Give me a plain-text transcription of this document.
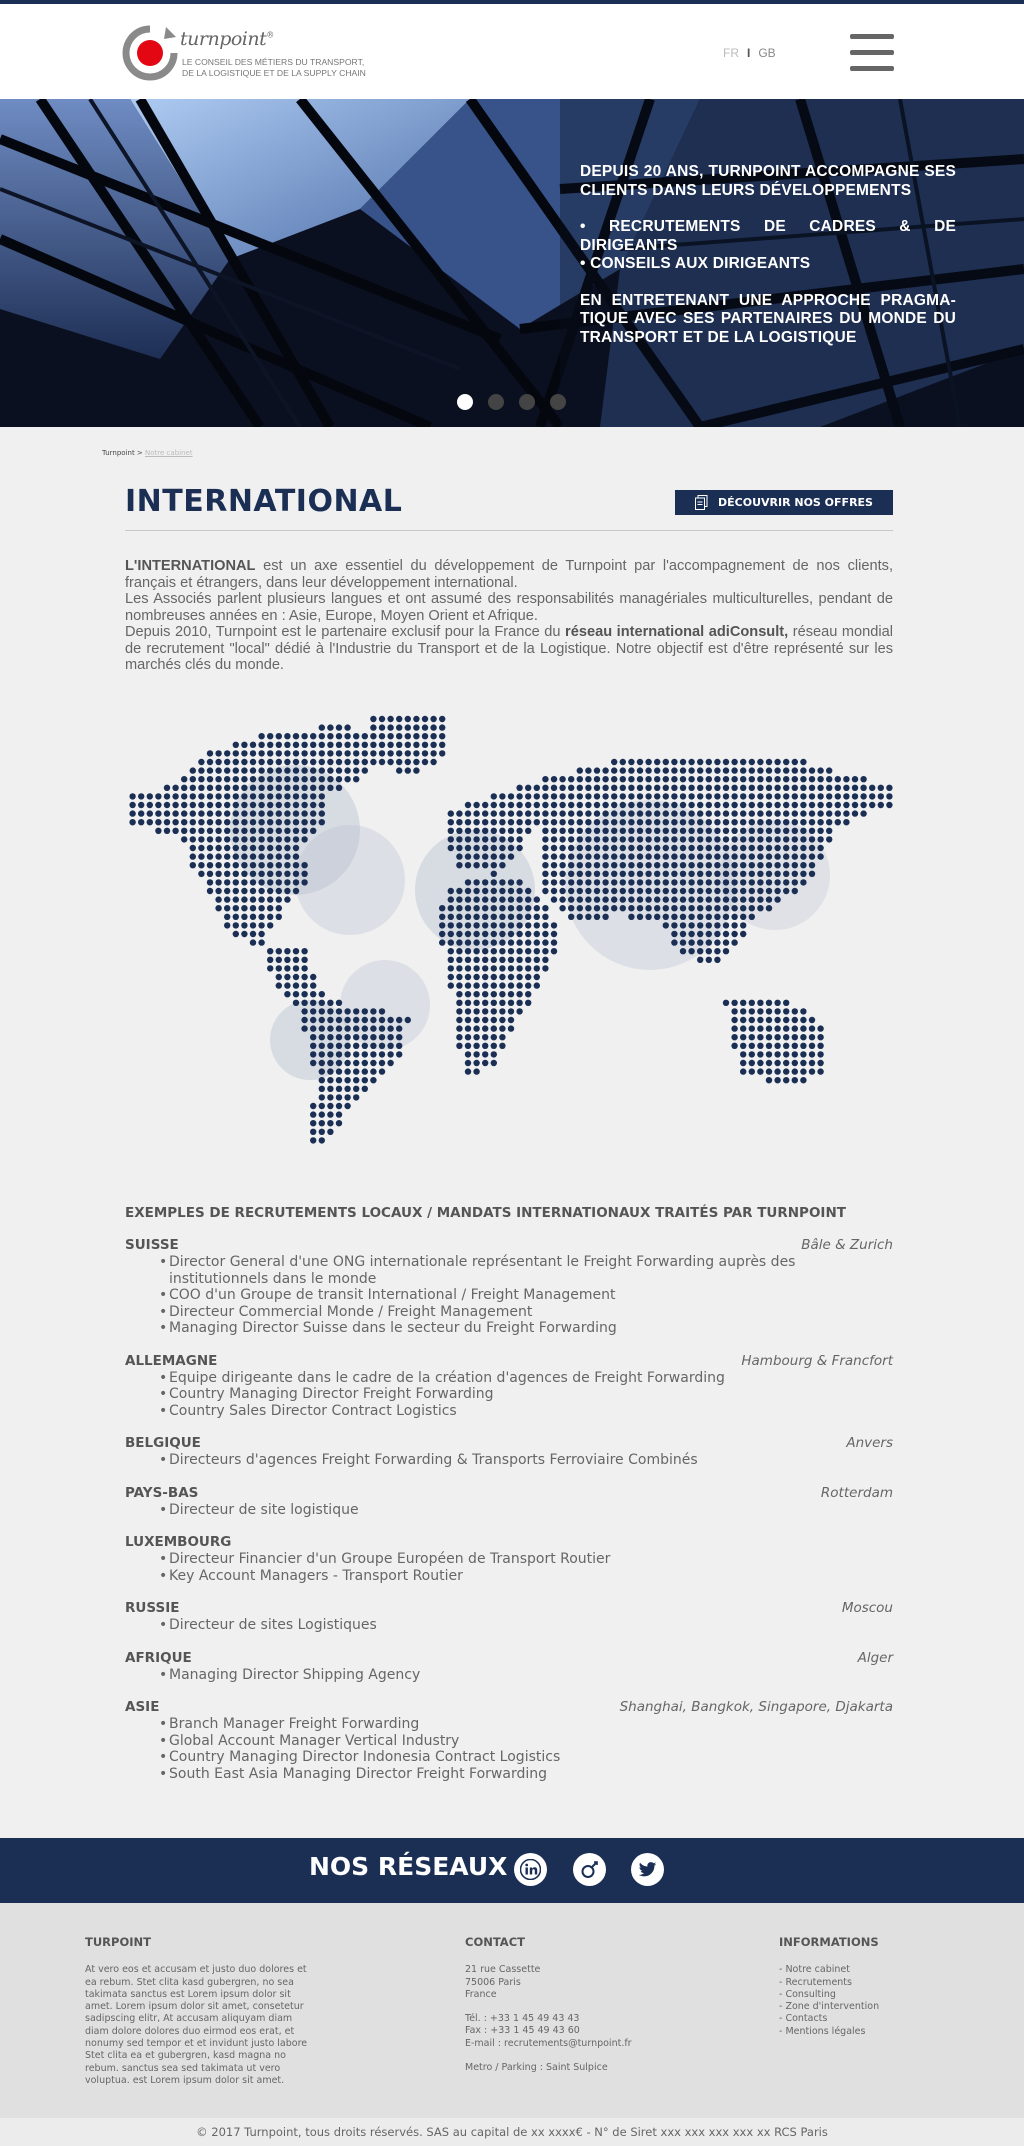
turnpoint®
LE CONSEIL DES MÉTIERS DU TRANSPORT,
DE LA LOGISTIQUE ET DE LA SUPPLY CHAIN
FR I GB

DEPUIS 20 ANS, TURNPOINT ACCOMPAGNE SES CLIENTS DANS LEURS DÉVELOPPEMENTS

• RECRUTEMENTS DE CADRES & DE DIRIGEANTS
• CONSEILS AUX DIRIGEANTS

EN ENTRETENANT UNE APPROCHE PRAGMA-TIQUE AVEC SES PARTENAIRES DU MONDE DU TRANSPORT ET DE LA LOGISTIQUE

Turnpoint > Notre cabinet
INTERNATIONAL	DÉCOUVRIR NOS OFFRES
L'INTERNATIONAL est un axe essentiel du développement de Turnpoint par l'accompagnement de nos clients, français et étrangers, dans leur développement international.
Les Associés parlent plusieurs langues et ont assumé des responsabilités managériales multiculturelles, pendant de nombreuses années en : Asie, Europe, Moyen Orient et Afrique.
Depuis 2010, Turnpoint est le partenaire exclusif pour la France du réseau international adiConsult, réseau mondial de recrutement "local" dédié à l'Industrie du Transport et de la Logistique. Notre objectif est d'être représenté sur les marchés clés du monde.
EXEMPLES DE RECRUTEMENTS LOCAUX / MANDATS INTERNATIONAUX TRAITÉS PAR TURNPOINT
SUISSE	Bâle & Zurich
• Director General d'une ONG internationale représentant le Freight Forwarding auprès des institutionnels dans le monde
• COO d'un Groupe de transit International / Freight Management
• Directeur Commercial Monde / Freight Management
• Managing Director Suisse dans le secteur du Freight Forwarding
ALLEMAGNE	Hambourg & Francfort
• Equipe dirigeante dans le cadre de la création d'agences de Freight Forwarding
• Country Managing Director Freight Forwarding
• Country Sales Director Contract Logistics
BELGIQUE	Anvers
• Directeurs d'agences Freight Forwarding & Transports Ferroviaire Combinés
PAYS-BAS	Rotterdam
• Directeur de site logistique
LUXEMBOURG
• Directeur Financier d'un Groupe Européen de Transport Routier
• Key Account Managers - Transport Routier
RUSSIE	Moscou
• Directeur de sites Logistiques
AFRIQUE	Alger
• Managing Director Shipping Agency
ASIE	Shanghai, Bangkok, Singapore, Djakarta
• Branch Manager Freight Forwarding
• Global Account Manager Vertical Industry
• Country Managing Director Indonesia Contract Logistics
• South East Asia Managing Director Freight Forwarding
NOS RÉSEAUX
TURPOINT
At vero eos et accusam et justo duo dolores et ea rebum. Stet clita kasd gubergren, no sea takimata sanctus est Lorem ipsum dolor sit amet. Lorem ipsum dolor sit amet, consetetur sadipscing elitr, At accusam aliquyam diam diam dolore dolores duo eirmod eos erat, et nonumy sed tempor et et invidunt justo labore Stet clita ea et gubergren, kasd magna no rebum. sanctus sea sed takimata ut vero voluptua. est Lorem ipsum dolor sit amet.
CONTACT
21 rue Cassette
75006 Paris
France
Tél. : +33 1 45 49 43 43
Fax : +33 1 45 49 43 60
E-mail : recrutements@turnpoint.fr
Metro / Parking : Saint Sulpice
INFORMATIONS
- Notre cabinet
- Recrutements
- Consulting
- Zone d'intervention
- Contacts
- Mentions légales
© 2017 Turnpoint, tous droits réservés. SAS au capital de xx xxxx€ - N° de Siret xxx xxx xxx xxx xx RCS Paris
